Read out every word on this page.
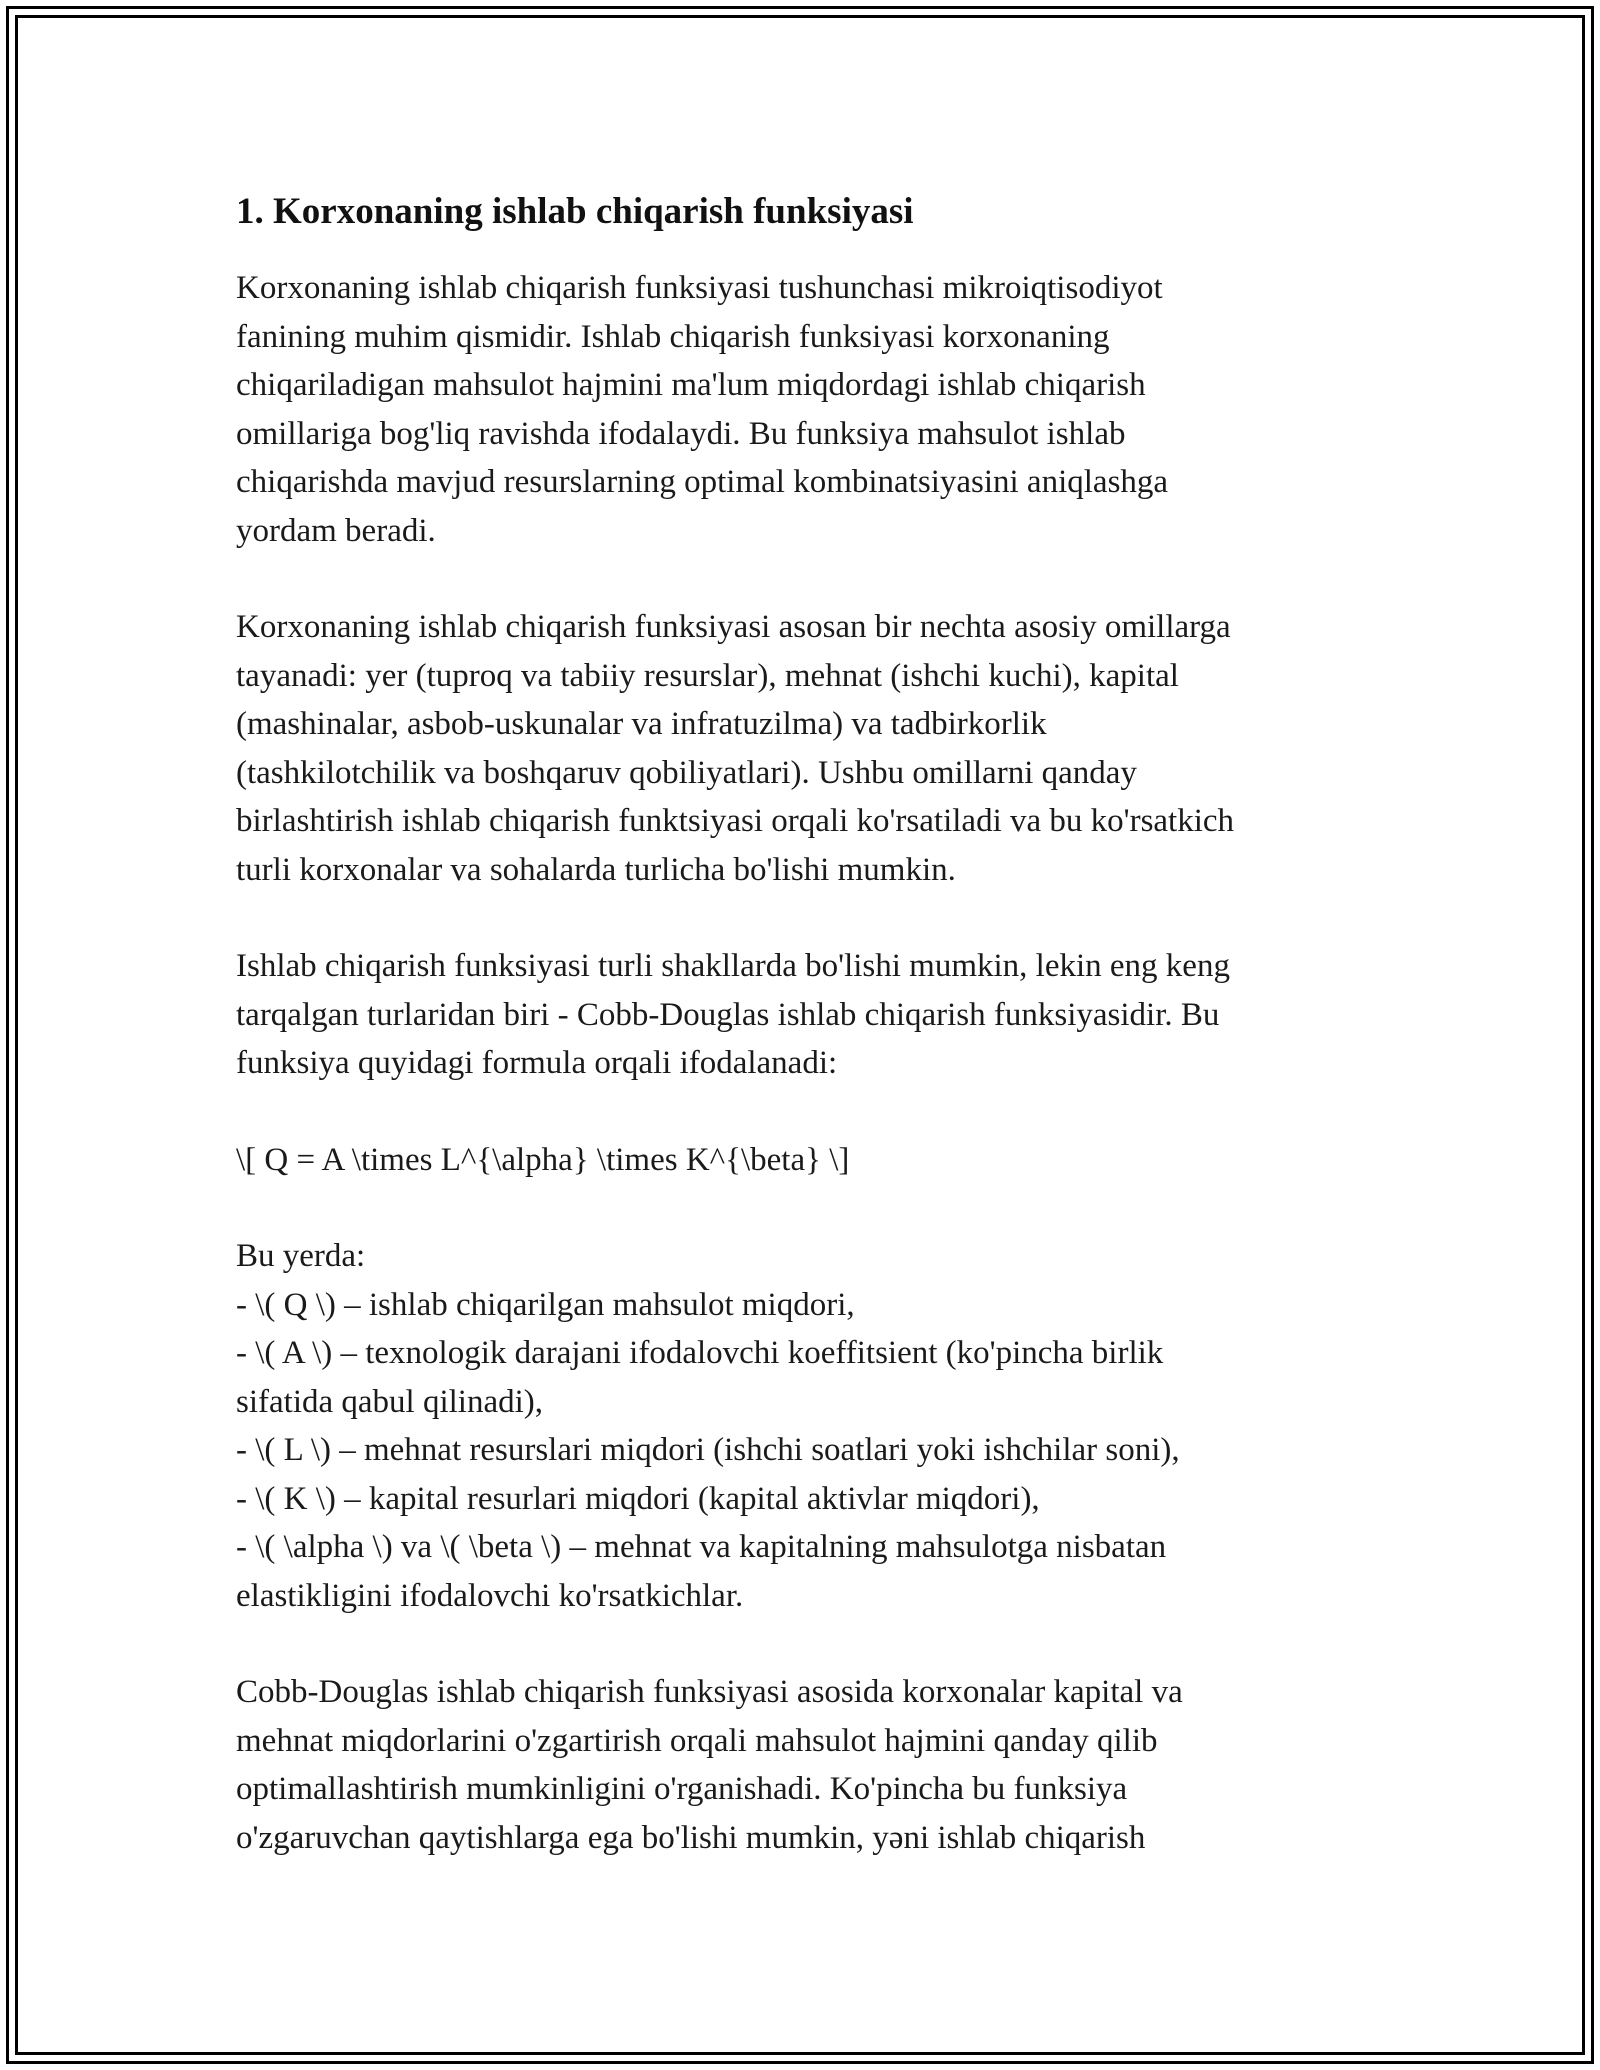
1. Korxonaning ishlab chiqarish funksiyasi

Korxonaning ishlab chiqarish funksiyasi tushunchasi mikroiqtisodiyot
fanining muhim qismidir. Ishlab chiqarish funksiyasi korxonaning
chiqariladigan mahsulot hajmini ma'lum miqdordagi ishlab chiqarish
omillariga bog'liq ravishda ifodalaydi. Bu funksiya mahsulot ishlab
chiqarishda mavjud resurslarning optimal kombinatsiyasini aniqlashga
yordam beradi.

Korxonaning ishlab chiqarish funksiyasi asosan bir nechta asosiy omillarga
tayanadi: yer (tuproq va tabiiy resurslar), mehnat (ishchi kuchi), kapital
(mashinalar, asbob-uskunalar va infratuzilma) va tadbirkorlik
(tashkilotchilik va boshqaruv qobiliyatlari). Ushbu omillarni qanday
birlashtirish ishlab chiqarish funktsiyasi orqali ko'rsatiladi va bu ko'rsatkich
turli korxonalar va sohalarda turlicha bo'lishi mumkin.

Ishlab chiqarish funksiyasi turli shakllarda bo'lishi mumkin, lekin eng keng
tarqalgan turlaridan biri - Cobb-Douglas ishlab chiqarish funksiyasidir. Bu
funksiya quyidagi formula orqali ifodalanadi:

\[ Q = A \times L^{\alpha} \times K^{\beta} \]
Bu yerda:
- \( Q \) – ishlab chiqarilgan mahsulot miqdori,
- \( A \) – texnologik darajani ifodalovchi koeffitsient (ko'pincha birlik
sifatida qabul qilinadi),
- \( L \) – mehnat resurslari miqdori (ishchi soatlari yoki ishchilar soni),
- \( K \) – kapital resurlari miqdori (kapital aktivlar miqdori),
- \( \alpha \) va \( \beta \) – mehnat va kapitalning mahsulotga nisbatan
elastikligini ifodalovchi ko'rsatkichlar.

Cobb-Douglas ishlab chiqarish funksiyasi asosida korxonalar kapital va
mehnat miqdorlarini o'zgartirish orqali mahsulot hajmini qanday qilib
optimallashtirish mumkinligini o'rganishadi. Ko'pincha bu funksiya
o'zgaruvchan qaytishlarga ega bo'lishi mumkin, yəni ishlab chiqarish
